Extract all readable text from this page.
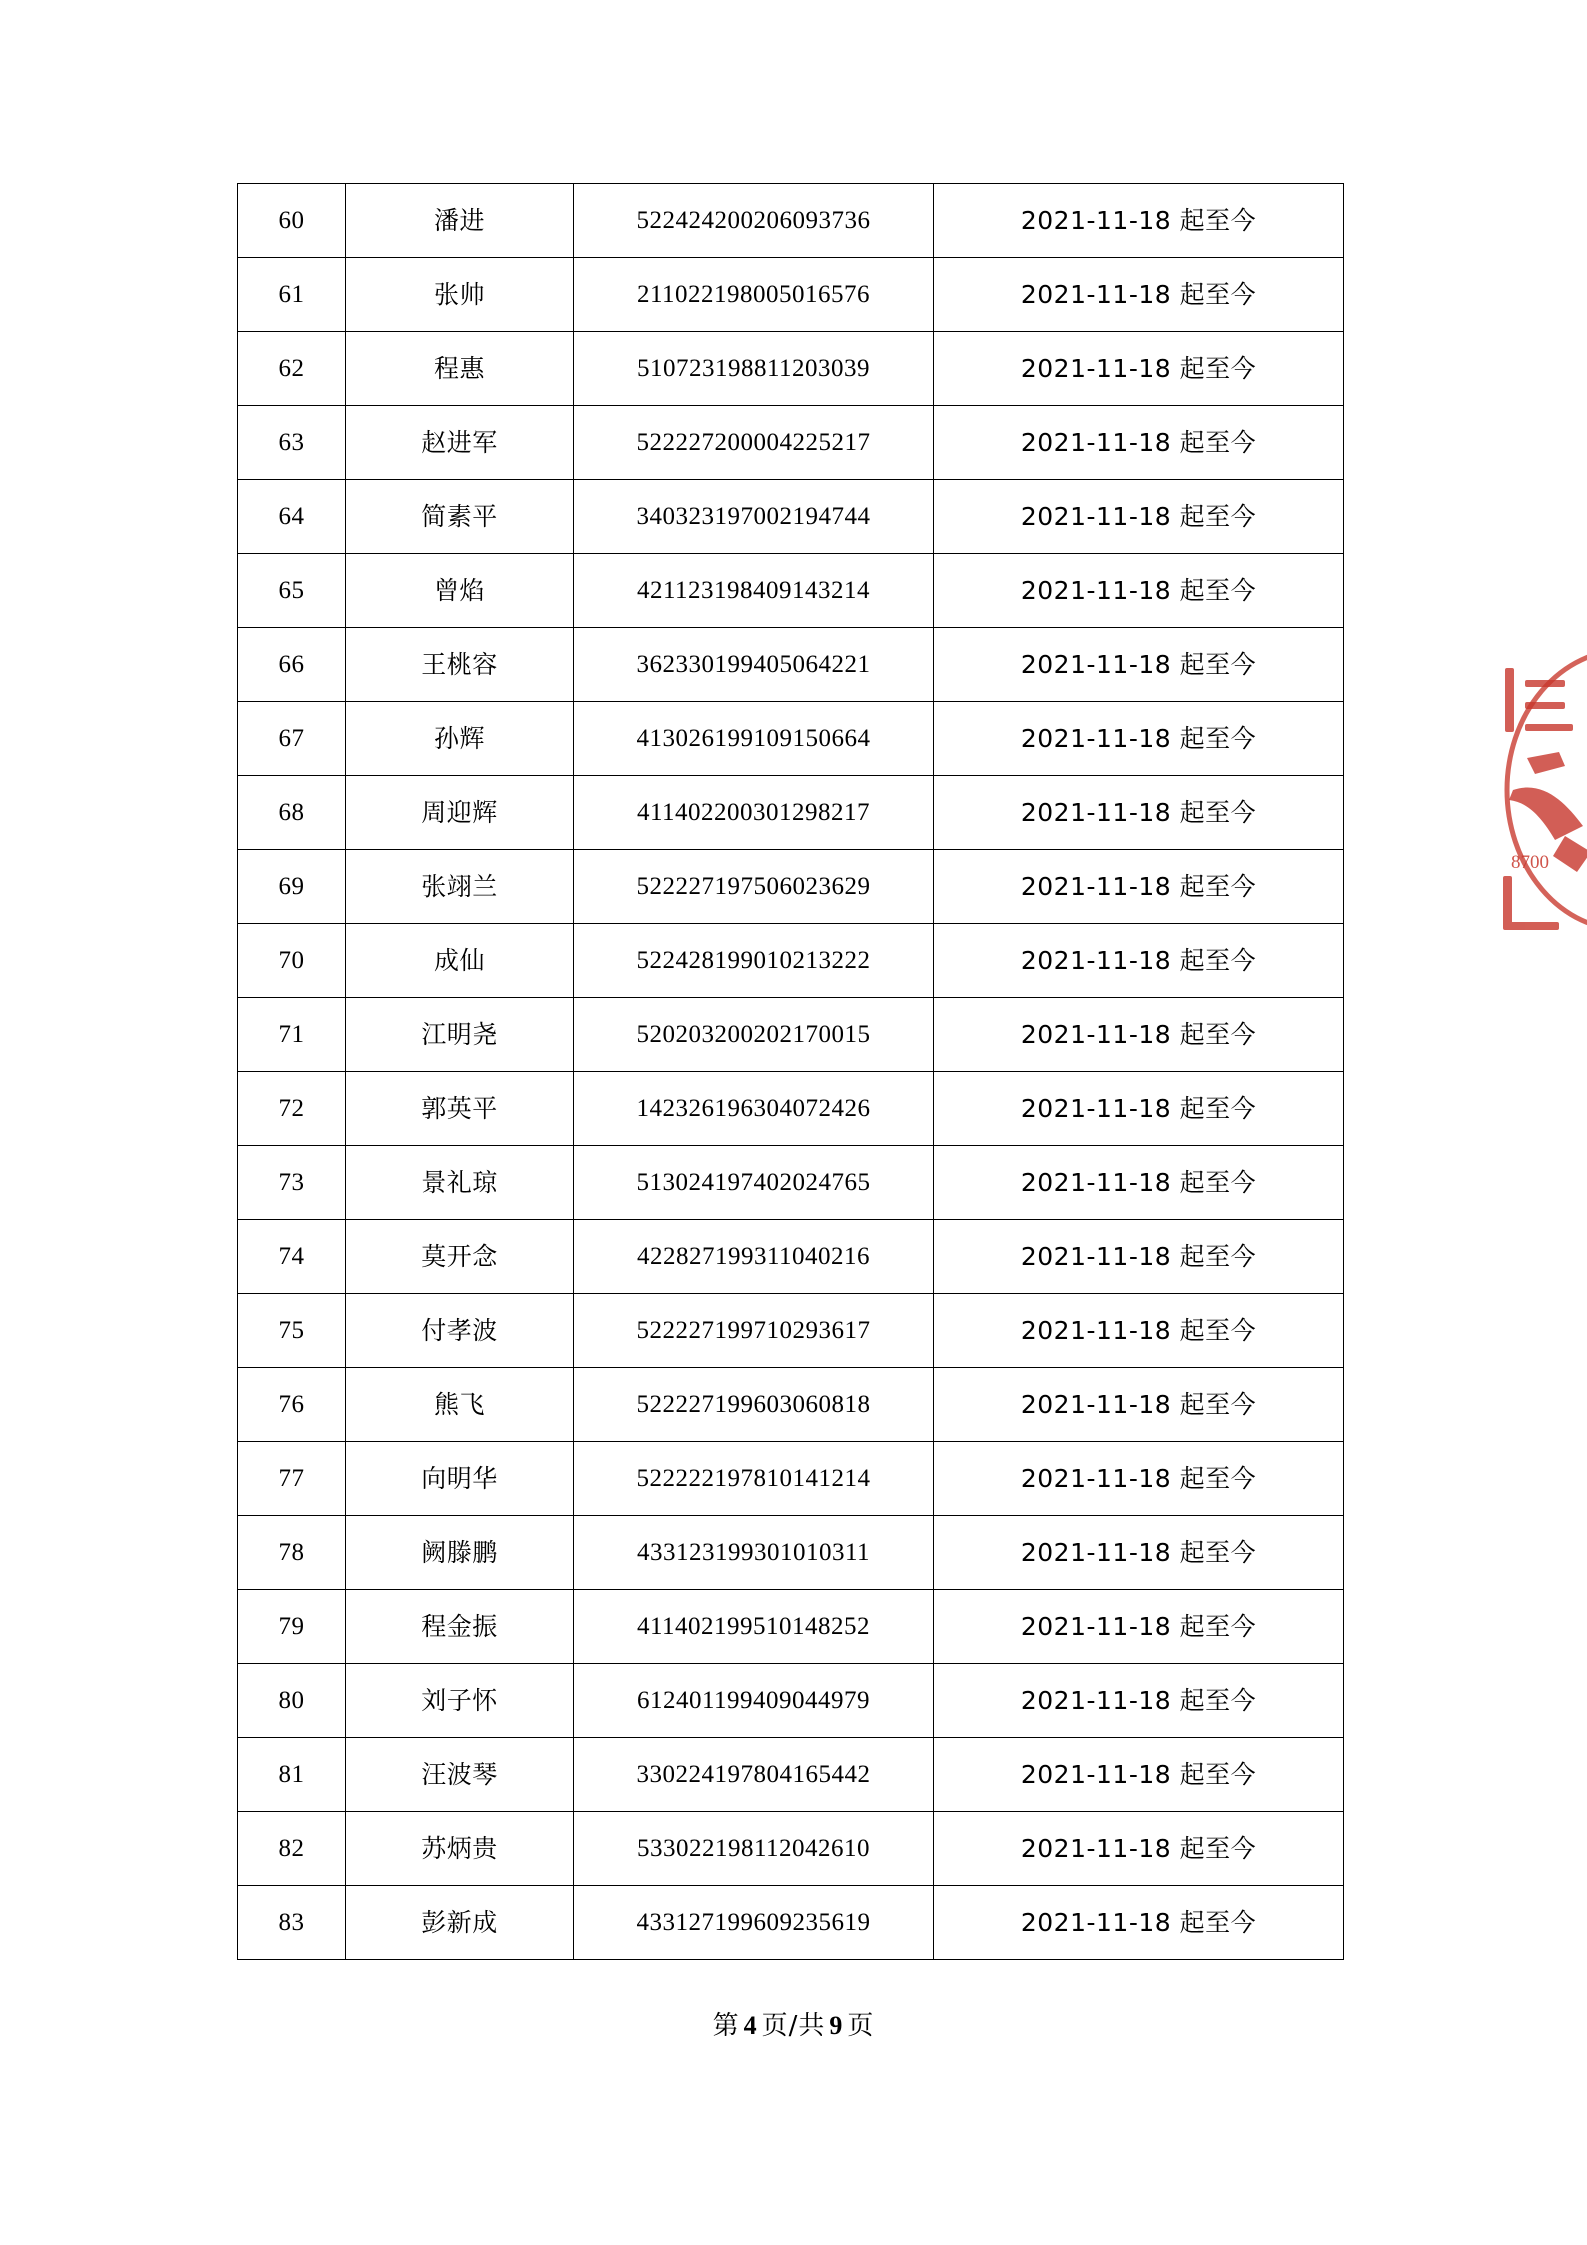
60	潘进	522424200206093736	2021-11-18 起至今
61	张帅	211022198005016576	2021-11-18 起至今
62	程惠	510723198811203039	2021-11-18 起至今
63	赵进军	522227200004225217	2021-11-18 起至今
64	简素平	340323197002194744	2021-11-18 起至今
65	曾焰	421123198409143214	2021-11-18 起至今
66	王桃容	362330199405064221	2021-11-18 起至今
67	孙辉	413026199109150664	2021-11-18 起至今
68	周迎辉	411402200301298217	2021-11-18 起至今
69	张翊兰	522227197506023629	2021-11-18 起至今
70	成仙	522428199010213222	2021-11-18 起至今
71	江明尧	520203200202170015	2021-11-18 起至今
72	郭英平	142326196304072426	2021-11-18 起至今
73	景礼琼	513024197402024765	2021-11-18 起至今
74	莫开念	422827199311040216	2021-11-18 起至今
75	付孝波	522227199710293617	2021-11-18 起至今
76	熊飞	522227199603060818	2021-11-18 起至今
77	向明华	522222197810141214	2021-11-18 起至今
78	阙滕鹏	433123199301010311	2021-11-18 起至今
79	程金振	411402199510148252	2021-11-18 起至今
80	刘子怀	612401199409044979	2021-11-18 起至今
81	汪波琴	330224197804165442	2021-11-18 起至今
82	苏炳贵	533022198112042610	2021-11-18 起至今
83	彭新成	433127199609235619	2021-11-18 起至今
第 4 页/共 9 页
8700
